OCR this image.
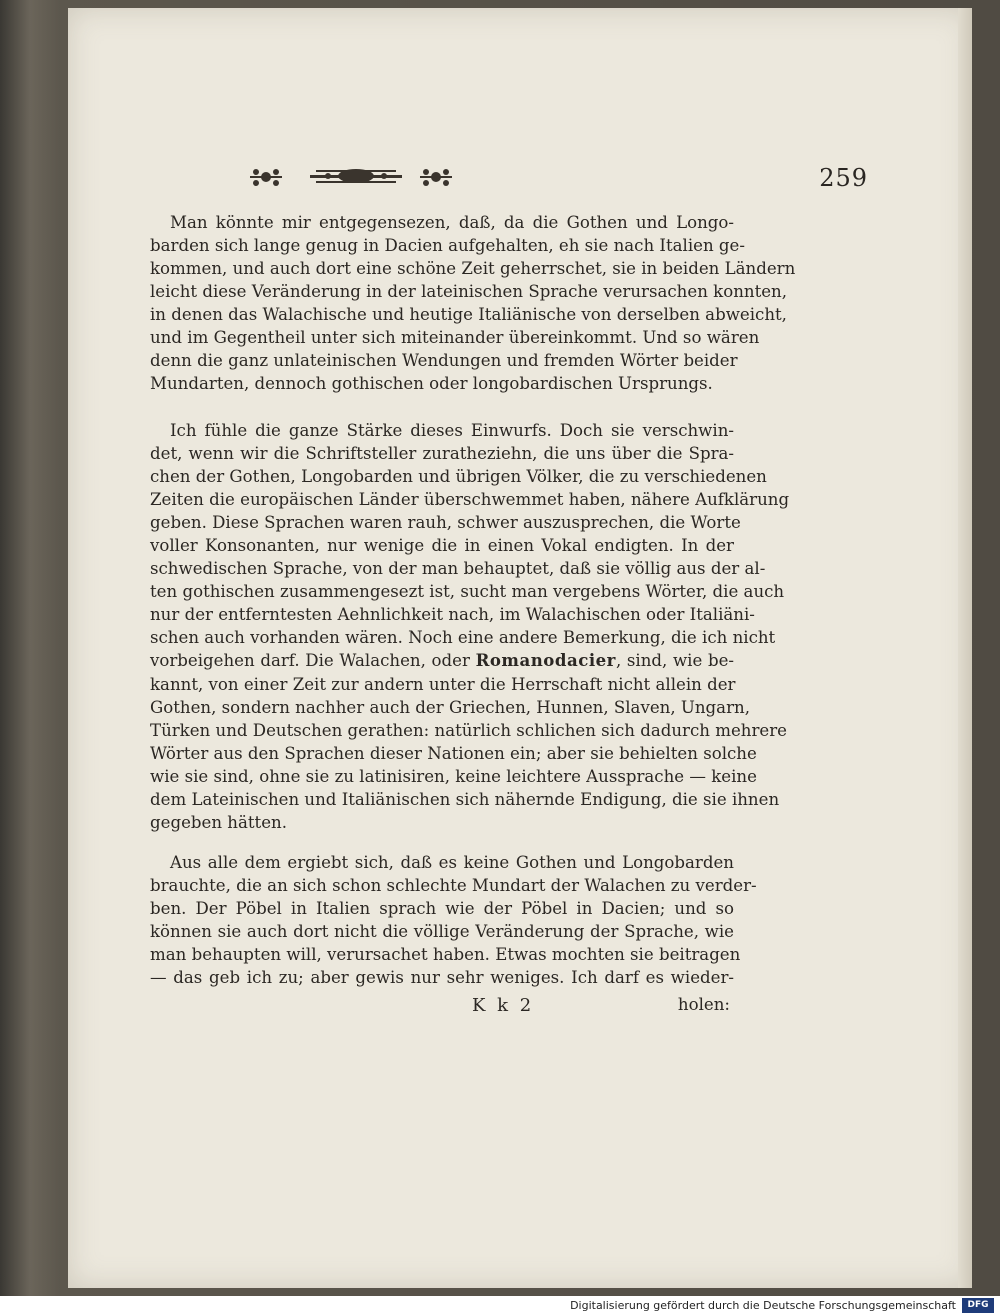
259
Man könnte mir entgegensezen, daß, da die Gothen und Longo-
barden sich lange genug in Dacien aufgehalten, eh sie nach Italien ge-
kommen, und auch dort eine schöne Zeit geherrschet, sie in beiden Ländern
leicht diese Veränderung in der lateinischen Sprache verursachen konnten,
in denen das Walachische und heutige Italiänische von derselben abweicht,
und im Gegentheil unter sich miteinander übereinkommt. Und so wären
denn die ganz unlateinischen Wendungen und fremden Wörter beider
Mundarten, dennoch gothischen oder longobardischen Ursprungs.
Ich fühle die ganze Stärke dieses Einwurfs. Doch sie verschwin-
det, wenn wir die Schriftsteller zuratheziehn, die uns über die Spra-
chen der Gothen, Longobarden und übrigen Völker, die zu verschiedenen
Zeiten die europäischen Länder überschwemmet haben, nähere Aufklärung
geben. Diese Sprachen waren rauh, schwer auszusprechen, die Worte
voller Konsonanten, nur wenige die in einen Vokal endigten. In der
schwedischen Sprache, von der man behauptet, daß sie völlig aus der al-
ten gothischen zusammengesezt ist, sucht man vergebens Wörter, die auch
nur der entferntesten Aehnlichkeit nach, im Walachischen oder Italiäni-
schen auch vorhanden wären. Noch eine andere Bemerkung, die ich nicht
vorbeigehen darf. Die Walachen, oder Romanodacier, sind, wie be-
kannt, von einer Zeit zur andern unter die Herrschaft nicht allein der
Gothen, sondern nachher auch der Griechen, Hunnen, Slaven, Ungarn,
Türken und Deutschen gerathen: natürlich schlichen sich dadurch mehrere
Wörter aus den Sprachen dieser Nationen ein; aber sie behielten solche
wie sie sind, ohne sie zu latinisiren, keine leichtere Aussprache — keine
dem Lateinischen und Italiänischen sich nähernde Endigung, die sie ihnen
gegeben hätten.
Aus alle dem ergiebt sich, daß es keine Gothen und Longobarden
brauchte, die an sich schon schlechte Mundart der Walachen zu verder-
ben. Der Pöbel in Italien sprach wie der Pöbel in Dacien; und so
können sie auch dort nicht die völlige Veränderung der Sprache, wie
man behaupten will, verursachet haben. Etwas mochten sie beitragen
— das geb ich zu; aber gewis nur sehr weniges. Ich darf es wieder-
K k 2	holen:
Digitalisierung gefördert durch die Deutsche Forschungsgemeinschaft	DFG
